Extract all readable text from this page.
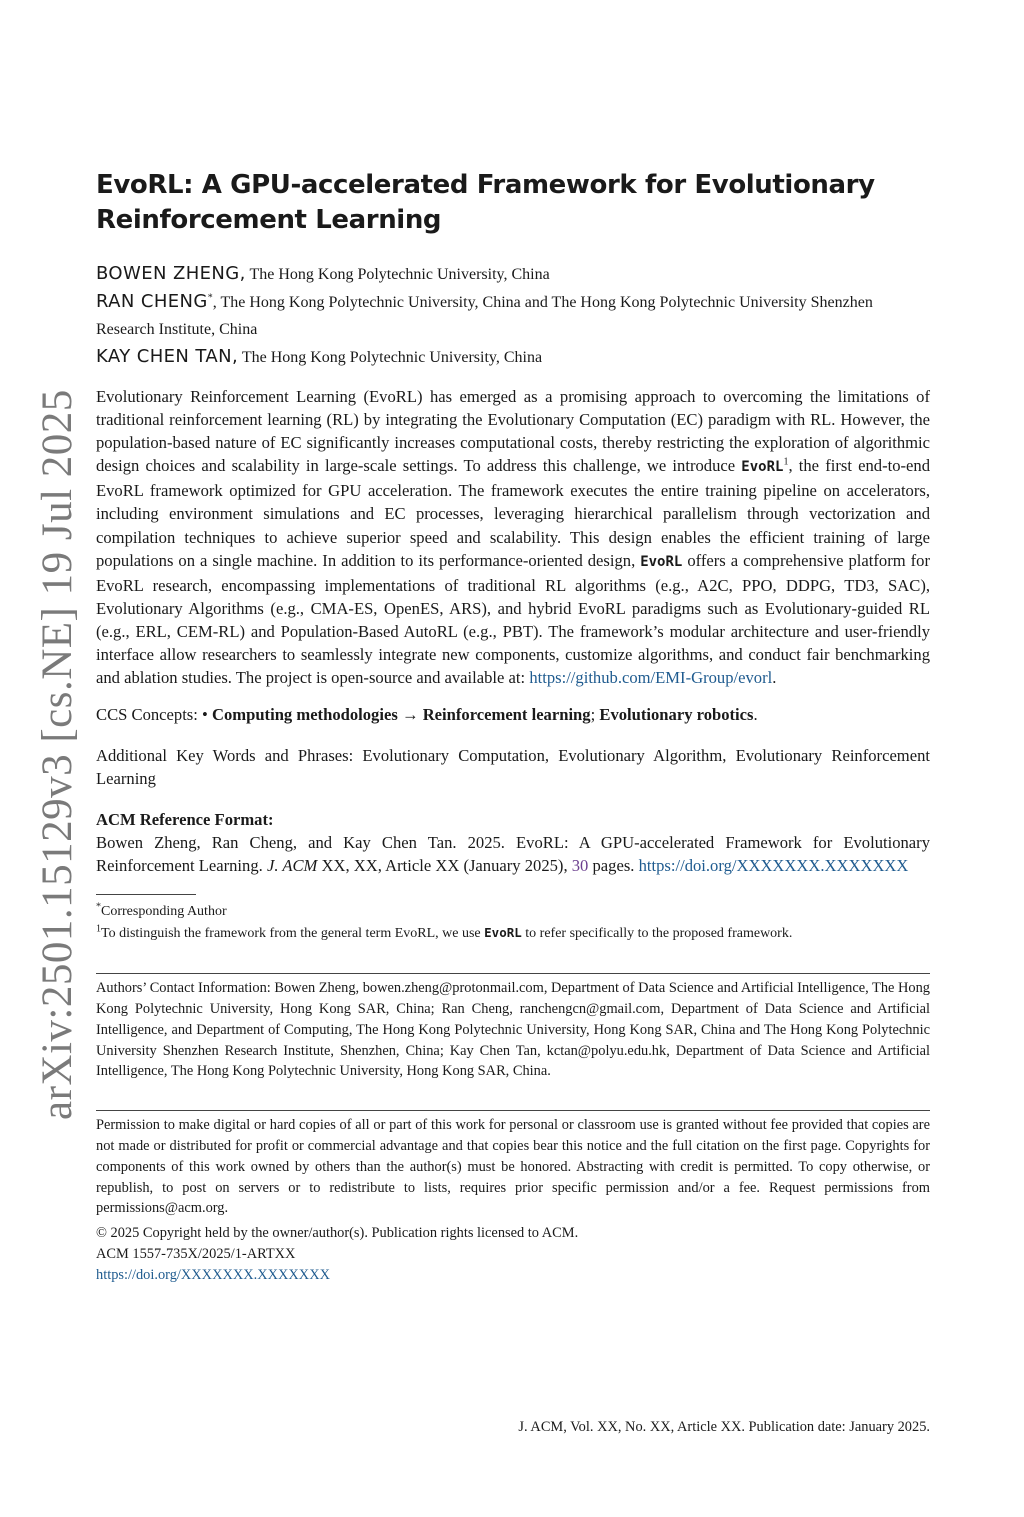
arXiv:2501.15129v3 [cs.NE] 19 Jul 2025
EvoRL: A GPU-accelerated Framework for Evolutionary Reinforcement Learning
BOWEN ZHENG, The Hong Kong Polytechnic University, China
RAN CHENG*, The Hong Kong Polytechnic University, China and The Hong Kong Polytechnic University Shenzhen Research Institute, China
KAY CHEN TAN, The Hong Kong Polytechnic University, China
Evolutionary Reinforcement Learning (EvoRL) has emerged as a promising approach to overcoming the limitations of traditional reinforcement learning (RL) by integrating the Evolutionary Computation (EC) paradigm with RL. However, the population-based nature of EC significantly increases computational costs, thereby restricting the exploration of algorithmic design choices and scalability in large-scale settings. To address this challenge, we introduce EvoRL$^1$, the first end-to-end EvoRL framework optimized for GPU acceleration. The framework executes the entire training pipeline on accelerators, including environment simulations and EC processes, leveraging hierarchical parallelism through vectorization and compilation techniques to achieve superior speed and scalability. This design enables the efficient training of large populations on a single machine. In addition to its performance-oriented design, EvoRL offers a comprehensive platform for EvoRL research, encompassing implementations of traditional RL algorithms (e.g., A2C, PPO, DDPG, TD3, SAC), Evolutionary Algorithms (e.g., CMA-ES, OpenES, ARS), and hybrid EvoRL paradigms such as Evolutionary-guided RL (e.g., ERL, CEM-RL) and Population-Based AutoRL (e.g., PBT). The framework’s modular architecture and user-friendly interface allow researchers to seamlessly integrate new components, customize algorithms, and conduct fair benchmarking and ablation studies. The project is open-source and available at: https://github.com/EMI-Group/evorl.
CCS Concepts: • Computing methodologies → Reinforcement learning; Evolutionary robotics.
Additional Key Words and Phrases: Evolutionary Computation, Evolutionary Algorithm, Evolutionary Reinforcement Learning
ACM Reference Format:
Bowen Zheng, Ran Cheng, and Kay Chen Tan. 2025. EvoRL: A GPU-accelerated Framework for Evolutionary Reinforcement Learning. J. ACM XX, XX, Article XX (January 2025), 30 pages. https://doi.org/XXXXXXX.XXXXXXX
*Corresponding Author
$^1$To distinguish the framework from the general term EvoRL, we use EvoRL to refer specifically to the proposed framework.
Authors’ Contact Information: Bowen Zheng, bowen.zheng@protonmail.com, Department of Data Science and Artificial Intelligence, The Hong Kong Polytechnic University, Hong Kong SAR, China; Ran Cheng, ranchengcn@gmail.com, Department of Data Science and Artificial Intelligence, and Department of Computing, The Hong Kong Polytechnic University, Hong Kong SAR, China and The Hong Kong Polytechnic University Shenzhen Research Institute, Shenzhen, China; Kay Chen Tan, kctan@polyu.edu.hk, Department of Data Science and Artificial Intelligence, The Hong Kong Polytechnic University, Hong Kong SAR, China.
Permission to make digital or hard copies of all or part of this work for personal or classroom use is granted without fee provided that copies are not made or distributed for profit or commercial advantage and that copies bear this notice and the full citation on the first page. Copyrights for components of this work owned by others than the author(s) must be honored. Abstracting with credit is permitted. To copy otherwise, or republish, to post on servers or to redistribute to lists, requires prior specific permission and/or a fee. Request permissions from permissions@acm.org.
© 2025 Copyright held by the owner/author(s). Publication rights licensed to ACM.
ACM 1557-735X/2025/1-ARTXX
https://doi.org/XXXXXXX.XXXXXXX
J. ACM, Vol. XX, No. XX, Article XX. Publication date: January 2025.
